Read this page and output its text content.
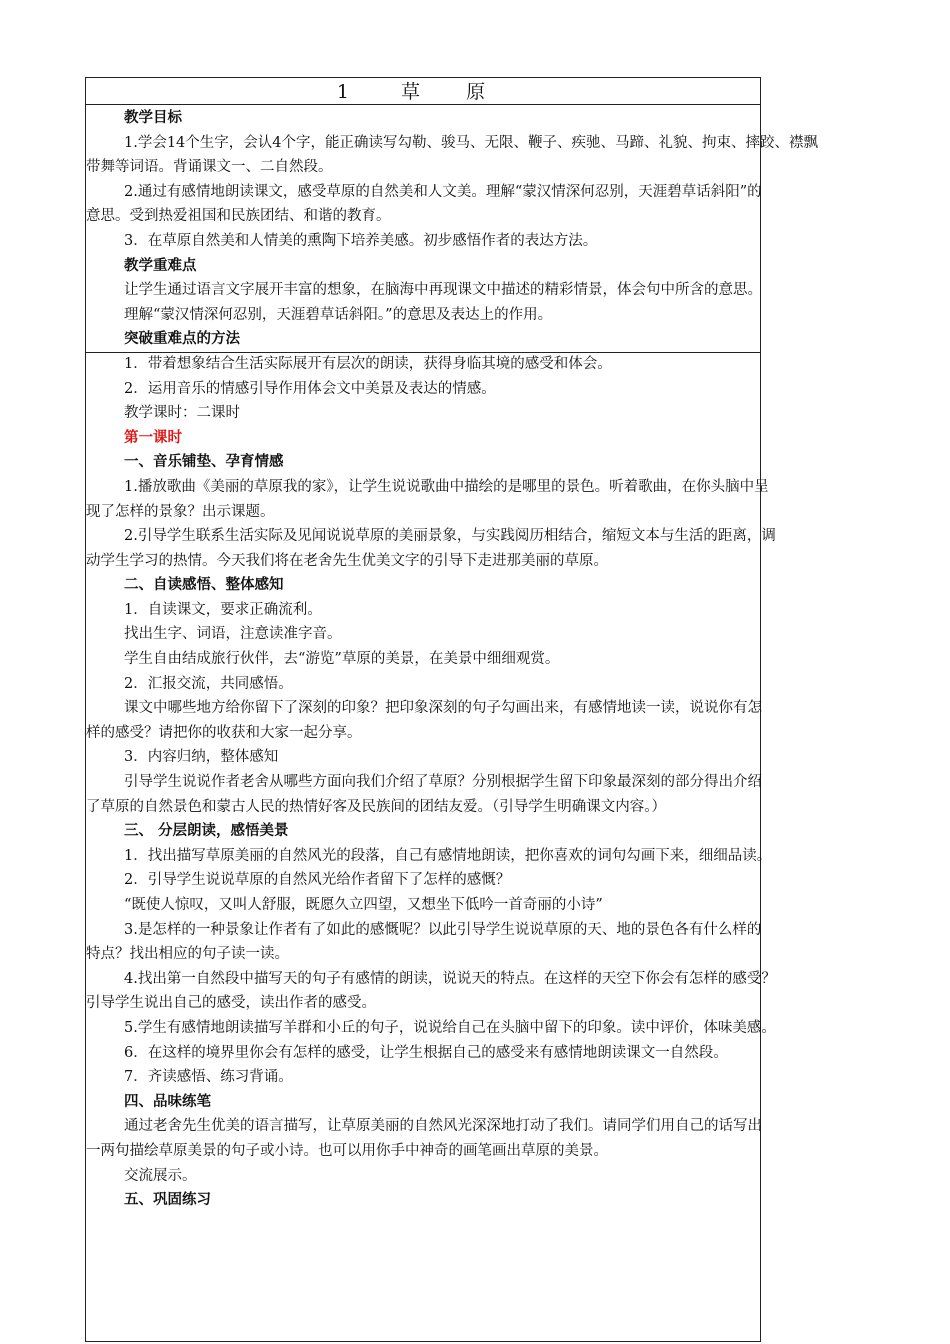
1	草 原

教学目标

1.学会14个生字，会认4个字，能正确读写勾勒、骏马、无限、鞭子、疾驰、马蹄、礼貌、拘束、摔跤、襟飘

带舞等词语。背诵课文一、二自然段。

2.通过有感情地朗读课文，感受草原的自然美和人文美。理解“蒙汉情深何忍别，天涯碧草话斜阳”的

意思。受到热爱祖国和民族团结、和谐的教育。

3．在草原自然美和人情美的熏陶下培养美感。初步感悟作者的表达方法。

教学重难点

让学生通过语言文字展开丰富的想象，在脑海中再现课文中描述的精彩情景，体会句中所含的意思。

理解“蒙汉情深何忍别，天涯碧草话斜阳。”的意思及表达上的作用。

突破重难点的方法

1．带着想象结合生活实际展开有层次的朗读，获得身临其境的感受和体会。

2．运用音乐的情感引导作用体会文中美景及表达的情感。

教学课时：二课时

第一课时

一、音乐铺垫、孕育情感

1.播放歌曲《美丽的草原我的家》，让学生说说歌曲中描绘的是哪里的景色。听着歌曲，在你头脑中呈

现了怎样的景象？出示课题。

2.引导学生联系生活实际及见闻说说草原的美丽景象，与实践阅历相结合，缩短文本与生活的距离，调

动学生学习的热情。今天我们将在老舍先生优美文字的引导下走进那美丽的草原。

二、自读感悟、整体感知

1．自读课文，要求正确流利。

找出生字、词语，注意读准字音。

学生自由结成旅行伙伴，去“游览”草原的美景，在美景中细细观赏。

2．汇报交流，共同感悟。

课文中哪些地方给你留下了深刻的印象？把印象深刻的句子勾画出来，有感情地读一读，说说你有怎

样的感受？请把你的收获和大家一起分享。

3．内容归纳，整体感知

引导学生说说作者老舍从哪些方面向我们介绍了草原？分别根据学生留下印象最深刻的部分得出介绍

了草原的自然景色和蒙古人民的热情好客及民族间的团结友爱。（引导学生明确课文内容。）

三、 分层朗读，感悟美景

1．找出描写草原美丽的自然风光的段落，自己有感情地朗读，把你喜欢的词句勾画下来，细细品读。

2．引导学生说说草原的自然风光给作者留下了怎样的感慨？

“既使人惊叹，又叫人舒服，既愿久立四望，又想坐下低吟一首奇丽的小诗”

3.是怎样的一种景象让作者有了如此的感慨呢？以此引导学生说说草原的天、地的景色各有什么样的

特点？找出相应的句子读一读。

4.找出第一自然段中描写天的句子有感情的朗读，说说天的特点。在这样的天空下你会有怎样的感受？

引导学生说出自己的感受，读出作者的感受。

5.学生有感情地朗读描写羊群和小丘的句子，说说给自己在头脑中留下的印象。读中评价，体味美感。

6．在这样的境界里你会有怎样的感受，让学生根据自己的感受来有感情地朗读课文一自然段。

7．齐读感悟、练习背诵。

四、品味练笔

通过老舍先生优美的语言描写，让草原美丽的自然风光深深地打动了我们。请同学们用自己的话写出

一两句描绘草原美景的句子或小诗。也可以用你手中神奇的画笔画出草原的美景。

交流展示。

五、巩固练习
